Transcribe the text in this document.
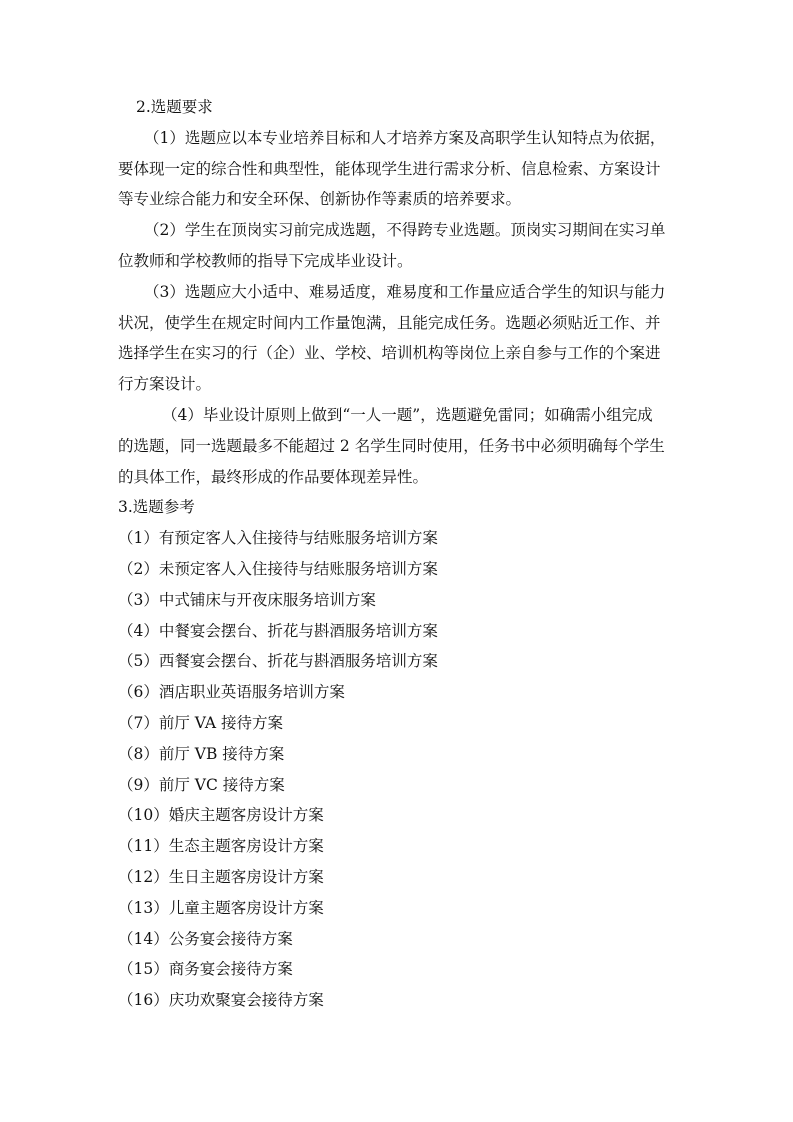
2.选题要求

（1）选题应以本专业培养目标和人才培养方案及高职学生认知特点为依据，

要体现一定的综合性和典型性，能体现学生进行需求分析、信息检索、方案设计

等专业综合能力和安全环保、创新协作等素质的培养要求。

（2）学生在顶岗实习前完成选题，不得跨专业选题。顶岗实习期间在实习单

位教师和学校教师的指导下完成毕业设计。

（3）选题应大小适中、难易适度，难易度和工作量应适合学生的知识与能力

状况，使学生在规定时间内工作量饱满，且能完成任务。选题必须贴近工作、并

选择学生在实习的行（企）业、学校、培训机构等岗位上亲自参与工作的个案进

行方案设计。

（4）毕业设计原则上做到“一人一题”，选题避免雷同；如确需小组完成

的选题，同一选题最多不能超过 2 名学生同时使用，任务书中必须明确每个学生

的具体工作，最终形成的作品要体现差异性。

3.选题参考

（1）有预定客人入住接待与结账服务培训方案

（2）未预定客人入住接待与结账服务培训方案

（3）中式铺床与开夜床服务培训方案

（4）中餐宴会摆台、折花与斟酒服务培训方案

（5）西餐宴会摆台、折花与斟酒服务培训方案

（6）酒店职业英语服务培训方案

（7）前厅 VA 接待方案

（8）前厅 VB 接待方案

（9）前厅 VC 接待方案

（10）婚庆主题客房设计方案

（11）生态主题客房设计方案

（12）生日主题客房设计方案

（13）儿童主题客房设计方案

（14）公务宴会接待方案

（15）商务宴会接待方案

（16）庆功欢聚宴会接待方案
